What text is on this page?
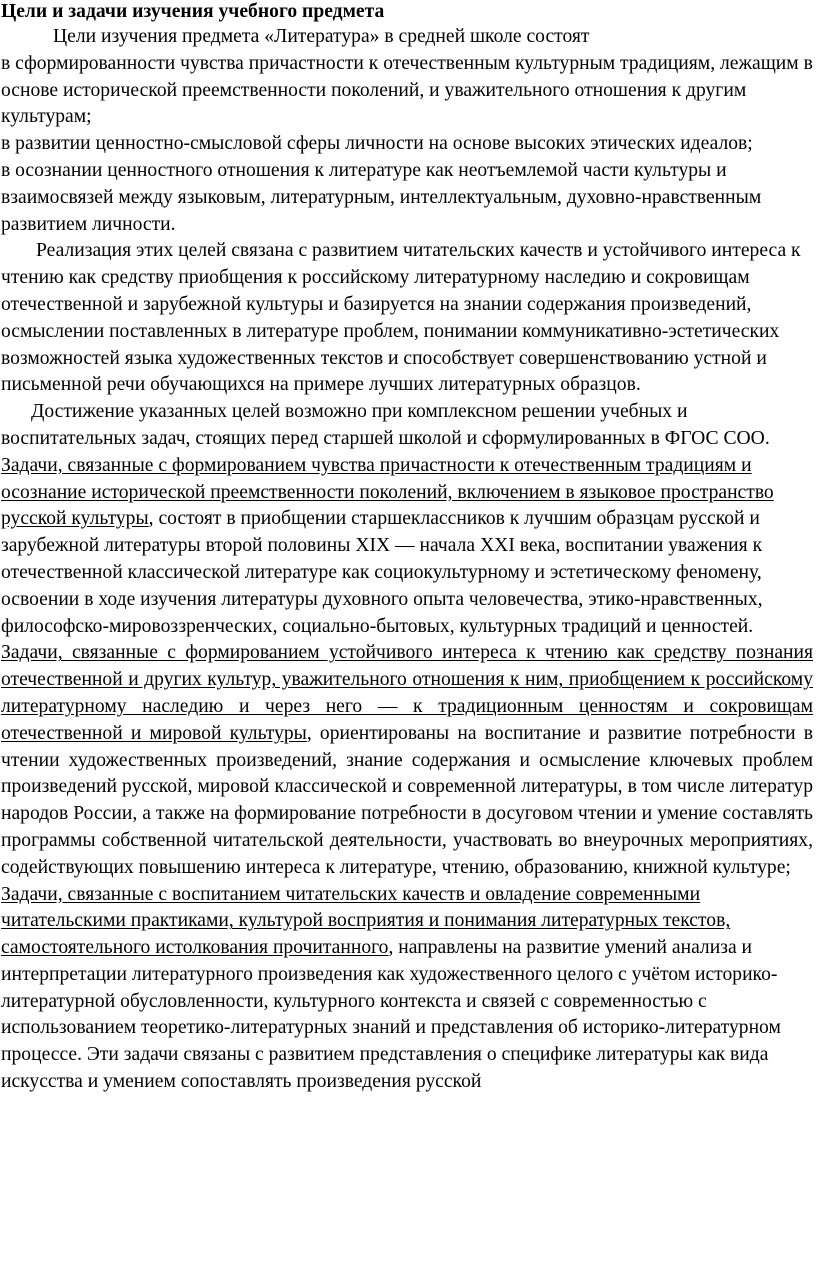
Цели и задачи изучения учебного предмета

Цели изучения предмета «Литература» в средней школе состоят

в сформированности чувства причастности к отечественным культурным традициям, лежащим в основе исторической преемственности поколений, и уважительного отношения к другим культурам;

в развитии ценностно-смысловой сферы личности на основе высоких этических идеалов;

в осознании ценностного отношения к литературе как неотъемлемой части культуры и взаимосвязей между языковым, литературным, интеллектуальным, духовно-нравственным развитием личности.

Реализация этих целей связана с развитием читательских качеств и устойчивого интереса к чтению как средству приобщения к российскому литературному наследию и сокровищам отечественной и зарубежной культуры и базируется на знании содержания произведений, осмыслении поставленных в литературе проблем, понимании коммуникативно-эстетических возможностей языка художественных текстов и способствует совершенствованию устной и письменной речи обучающихся на примере лучших литературных образцов.

Достижение указанных целей возможно при комплексном решении учебных и воспитательных задач, стоящих перед старшей школой и сформулированных в ФГОС СОО.

Задачи, связанные с формированием чувства причастности к отечественным традициям и осознание исторической преемственности поколений, включением в языковое пространство русской культуры, состоят в приобщении старшеклассников к лучшим образцам русской и зарубежной литературы второй половины XIX — начала XXI века, воспитании уважения к отечественной классической литературе как социокультурному и эстетическому феномену, освоении в ходе изучения литературы духовного опыта человечества, этико-нравственных, философско-мировоззренческих, социально-бытовых, культурных традиций и ценностей.

Задачи, связанные с формированием устойчивого интереса к чтению как средству познания отечественной и других культур, уважительного отношения к ним, приобщением к российскому литературному наследию и через него — к традиционным ценностям и сокровищам отечественной и мировой культуры, ориентированы на воспитание и развитие потребности в чтении художественных произведений, знание содержания и осмысление ключевых проблем произведений русской, мировой классической и современной литературы, в том числе литератур народов России, а также на формирование потребности в досуговом чтении и умение составлять программы собственной читательской деятельности, участвовать во внеурочных мероприятиях, содействующих повышению интереса к литературе, чтению, образованию, книжной культуре;

Задачи, связанные с воспитанием читательских качеств и овладение современными читательскими практиками, культурой восприятия и понимания литературных текстов, самостоятельного истолкования прочитанного, направлены на развитие умений анализа и интерпретации литературного произведения как художественного целого с учётом историко-литературной обусловленности, культурного контекста и связей с современностью с использованием теоретико-литературных знаний и представления об историко-литературном процессе. Эти задачи связаны с развитием представления о специфике литературы как вида искусства и умением сопоставлять произведения русской
